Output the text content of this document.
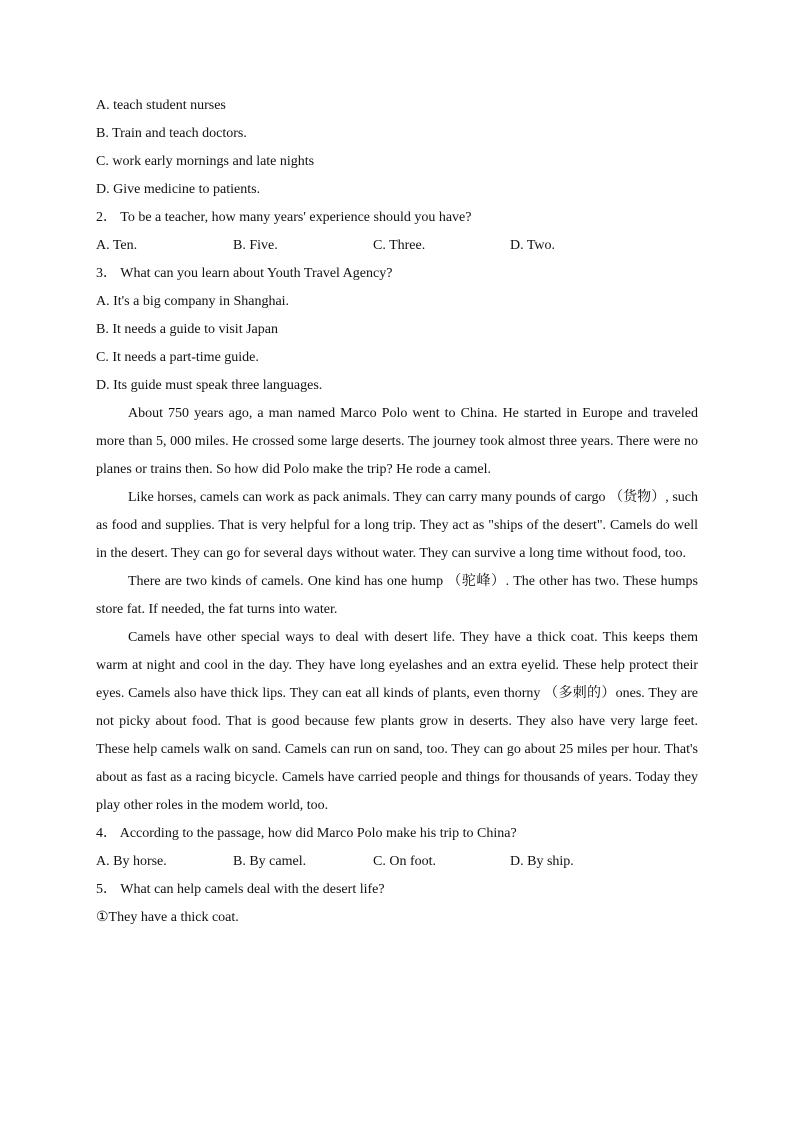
A. teach student nurses
B. Train and teach doctors.
C. work early mornings and late nights
D. Give medicine to patients.
2． To be a teacher, how many years' experience should you have?
A. Ten.	B. Five.	C. Three.	D. Two.
3． What can you learn about Youth Travel Agency?
A. It's a big company in Shanghai.
B. It needs a guide to visit Japan
C. It needs a part-time guide.
D. Its guide must speak three languages.

About 750 years ago, a man named Marco Polo went to China. He started in Europe and traveled more than 5, 000 miles. He crossed some large deserts. The journey took almost three years. There were no planes or trains then. So how did Polo make the trip? He rode a camel.

Like horses, camels can work as pack animals. They can carry many pounds of cargo （货物）, such as food and supplies. That is very helpful for a long trip. They act as "ships of the desert". Camels do well in the desert. They can go for several days without water. They can survive a long time without food, too.

There are two kinds of camels. One kind has one hump （驼峰）. The other has two. These humps store fat. If needed, the fat turns into water.

Camels have other special ways to deal with desert life. They have a thick coat. This keeps them warm at night and cool in the day. They have long eyelashes and an extra eyelid. These help protect their eyes. Camels also have thick lips. They can eat all kinds of plants, even thorny （多刺的）ones. They are not picky about food. That is good because few plants grow in deserts. They also have very large feet. These help camels walk on sand. Camels can run on sand, too. They can go about 25 miles per hour. That's about as fast as a racing bicycle. Camels have carried people and things for thousands of years. Today they play other roles in the modem world, too.

4． According to the passage, how did Marco Polo make his trip to China?
A. By horse.	B. By camel.	C. On foot.	D. By ship.
5． What can help camels deal with the desert life?
①They have a thick coat.
